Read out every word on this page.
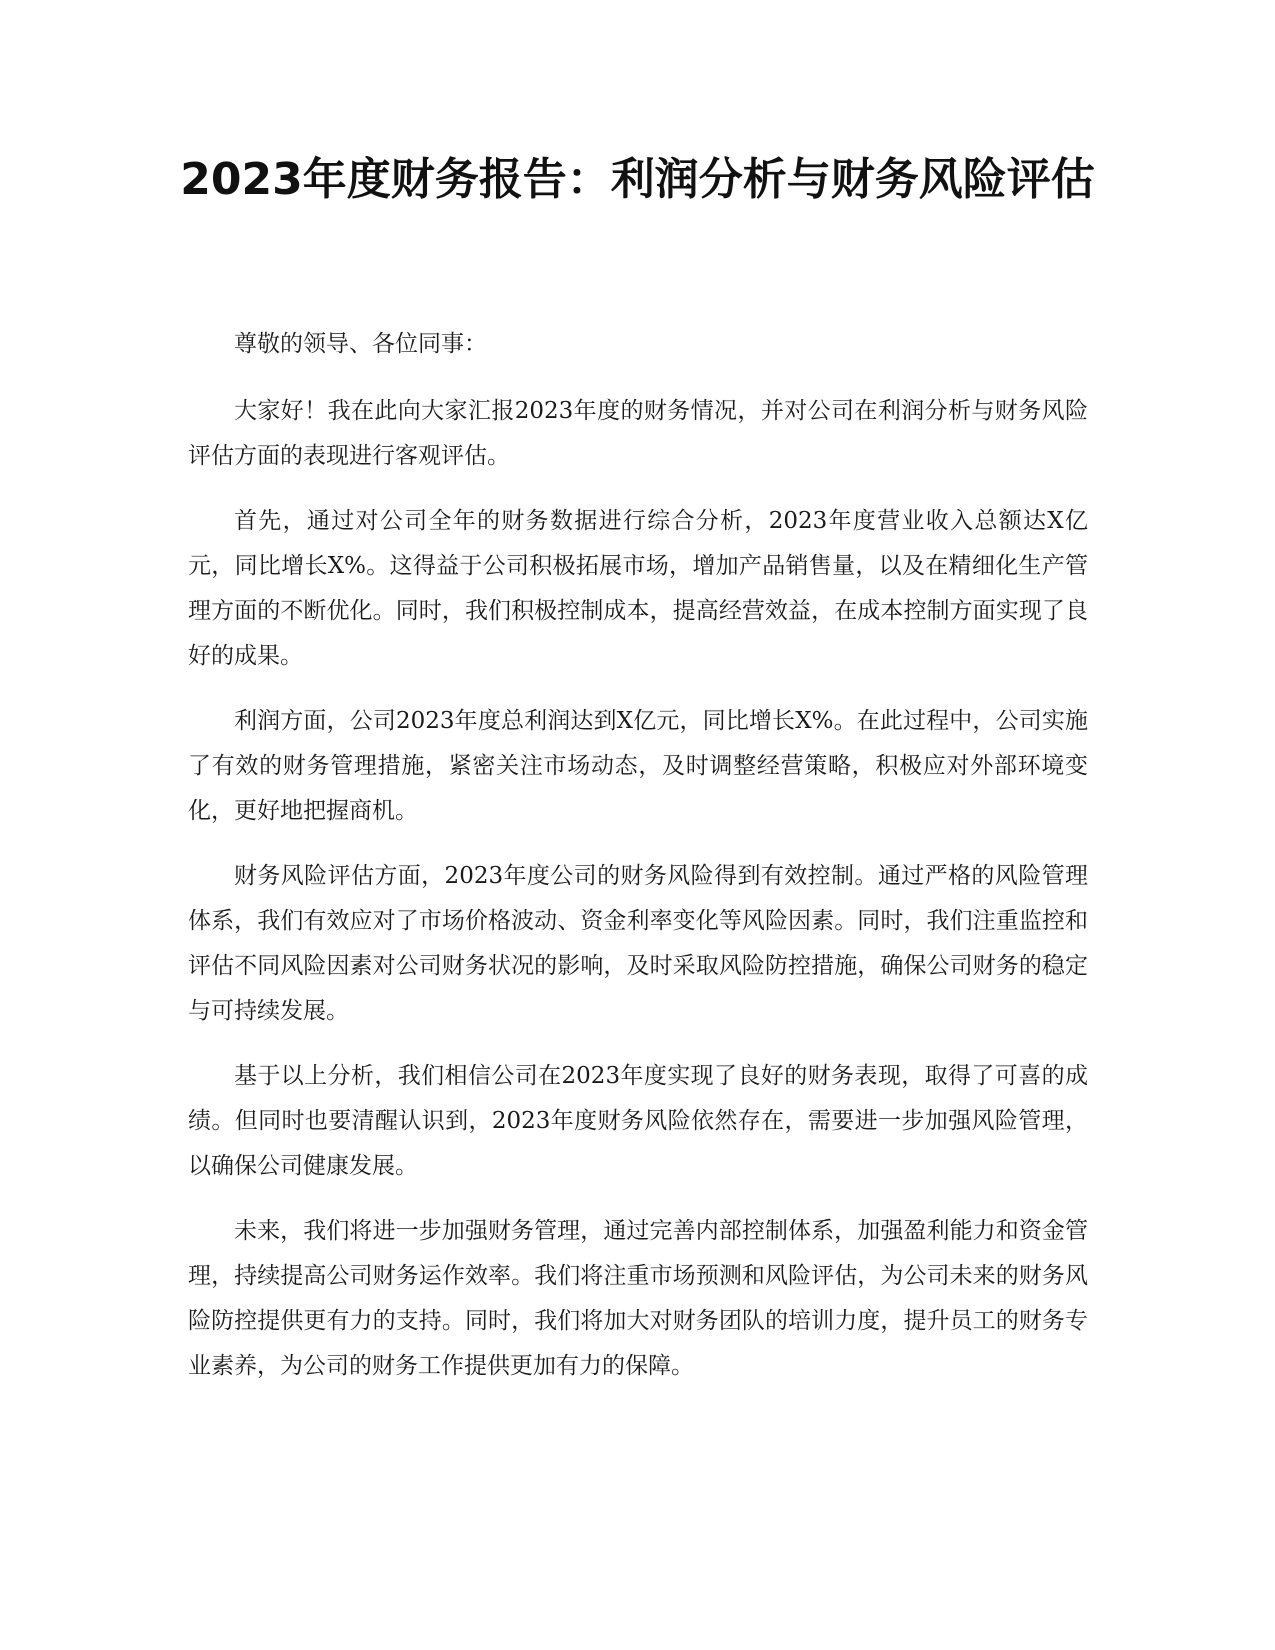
2023年度财务报告：利润分析与财务风险评估

尊敬的领导、各位同事：

大家好！我在此向大家汇报2023年度的财务情况，并对公司在利润分析与财务风险评估方面的表现进行客观评估。

首先，通过对公司全年的财务数据进行综合分析，2023年度营业收入总额达X亿元，同比增长X%。这得益于公司积极拓展市场，增加产品销售量，以及在精细化生产管理方面的不断优化。同时，我们积极控制成本，提高经营效益，在成本控制方面实现了良好的成果。

利润方面，公司2023年度总利润达到X亿元，同比增长X%。在此过程中，公司实施了有效的财务管理措施，紧密关注市场动态，及时调整经营策略，积极应对外部环境变化，更好地把握商机。

财务风险评估方面，2023年度公司的财务风险得到有效控制。通过严格的风险管理体系，我们有效应对了市场价格波动、资金利率变化等风险因素。同时，我们注重监控和评估不同风险因素对公司财务状况的影响，及时采取风险防控措施，确保公司财务的稳定与可持续发展。

基于以上分析，我们相信公司在2023年度实现了良好的财务表现，取得了可喜的成绩。但同时也要清醒认识到，2023年度财务风险依然存在，需要进一步加强风险管理，以确保公司健康发展。

未来，我们将进一步加强财务管理，通过完善内部控制体系，加强盈利能力和资金管理，持续提高公司财务运作效率。我们将注重市场预测和风险评估，为公司未来的财务风险防控提供更有力的支持。同时，我们将加大对财务团队的培训力度，提升员工的财务专业素养，为公司的财务工作提供更加有力的保障。
